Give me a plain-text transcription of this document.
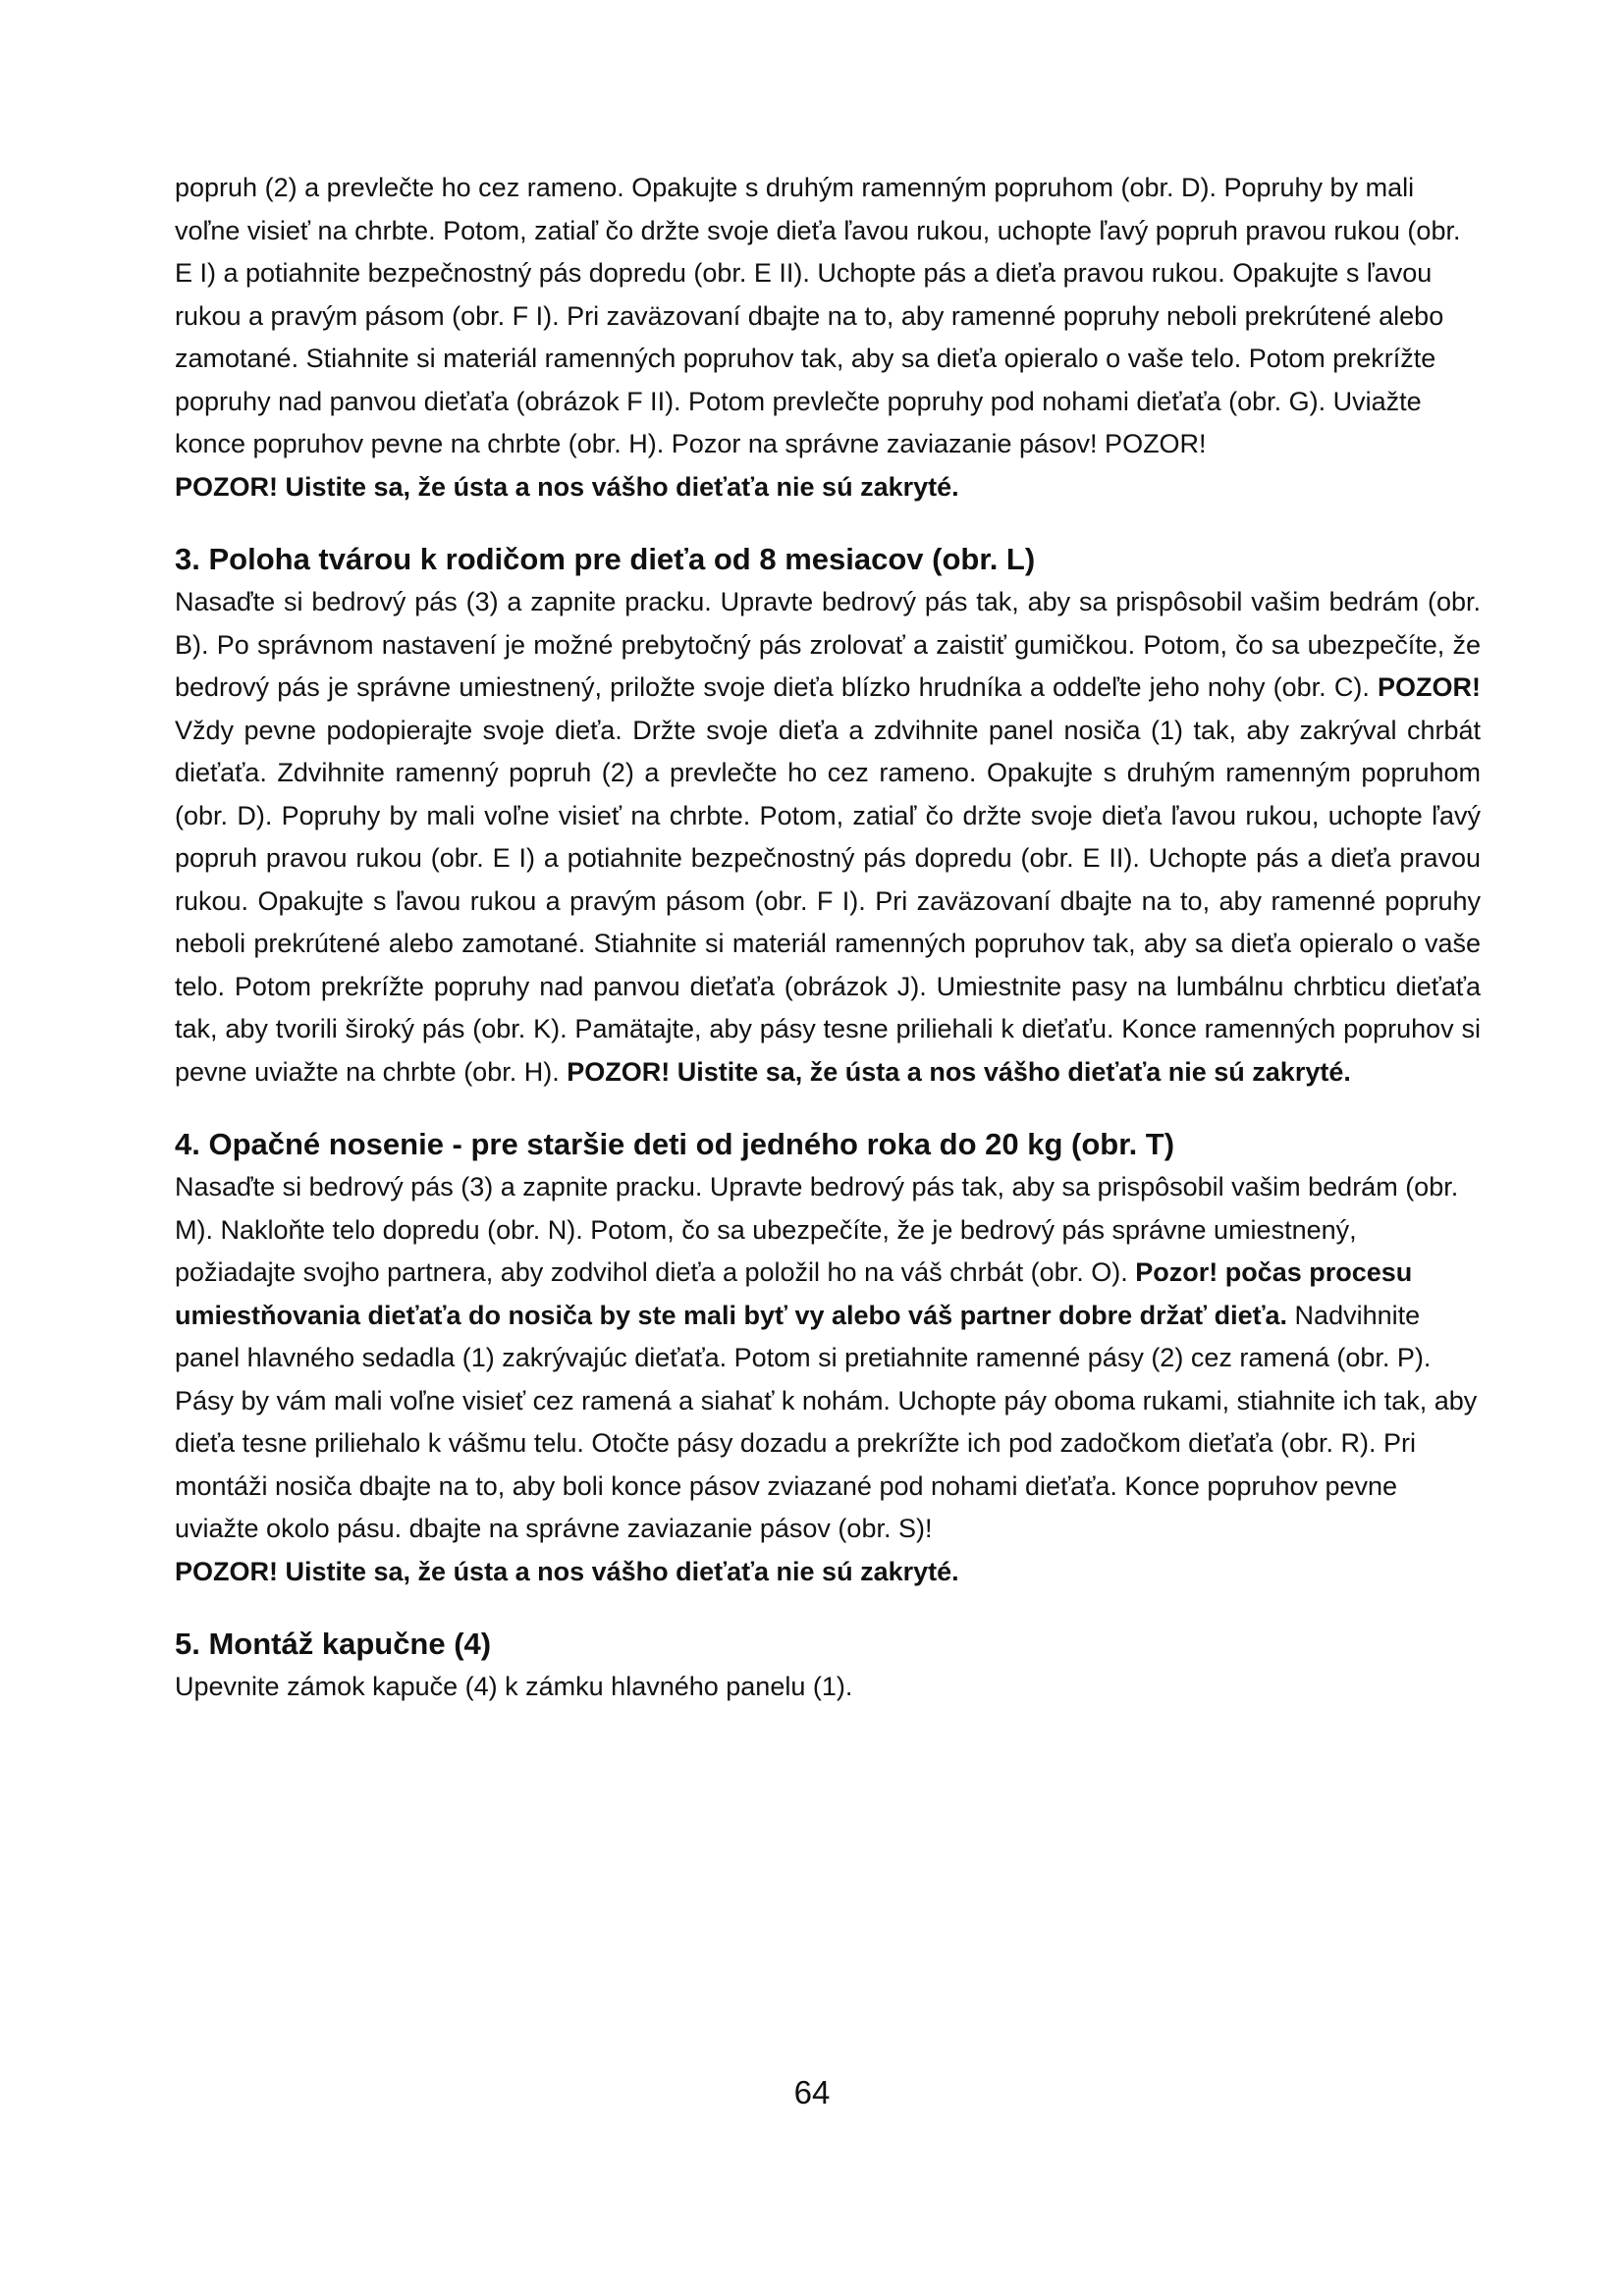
popruh (2) a prevlečte ho cez rameno. Opakujte s druhým ramenným popruhom (obr. D). Popruhy by mali voľne visieť na chrbte. Potom, zatiaľ čo držte svoje dieťa ľavou rukou, uchopte ľavý popruh pravou rukou (obr. E I) a potiahnite bezpečnostný pás dopredu (obr. E II). Uchopte pás a dieťa pravou rukou. Opakujte s ľavou rukou a pravým pásom (obr. F I). Pri zaväzovaní dbajte na to, aby ramenné popruhy neboli prekrútené alebo zamotané. Stiahnite si materiál ramenných popruhov tak, aby sa dieťa opieralo o vaše telo. Potom prekrížte popruhy nad panvou dieťaťa (obrázok F II). Potom prevlečte popruhy pod nohami dieťaťa (obr. G). Uviažte konce popruhov pevne na chrbte (obr. H). Pozor na správne zaviazanie pásov! POZOR!

POZOR! Uistite sa, že ústa a nos vášho dieťaťa nie sú zakryté.

3. Poloha tvárou k rodičom pre dieťa od 8 mesiacov (obr. L)

Nasaďte si bedrový pás (3) a zapnite pracku. Upravte bedrový pás tak, aby sa prispôsobil vašim bedrám (obr. B). Po správnom nastavení je možné prebytočný pás zrolovať a zaistiť gumičkou. Potom, čo sa ubezpečíte, že bedrový pás je správne umiestnený, priložte svoje dieťa blízko hrudníka a oddeľte jeho nohy (obr. C). POZOR! Vždy pevne podopierajte svoje dieťa. Držte svoje dieťa a zdvihnite panel nosiča (1) tak, aby zakrýval chrbát dieťaťa. Zdvihnite ramenný popruh (2) a prevlečte ho cez rameno. Opakujte s druhým ramenným popruhom (obr. D). Popruhy by mali voľne visieť na chrbte. Potom, zatiaľ čo držte svoje dieťa ľavou rukou, uchopte ľavý popruh pravou rukou (obr. E I) a potiahnite bezpečnostný pás dopredu (obr. E II). Uchopte pás a dieťa pravou rukou. Opakujte s ľavou rukou a pravým pásom (obr. F I). Pri zaväzovaní dbajte na to, aby ramenné popruhy neboli prekrútené alebo zamotané. Stiahnite si materiál ramenných popruhov tak, aby sa dieťa opieralo o vaše telo. Potom prekrížte popruhy nad panvou dieťaťa (obrázok J). Umiestnite pasy na lumbálnu chrbticu dieťaťa tak, aby tvorili široký pás (obr. K). Pamätajte, aby pásy tesne priliehali k dieťaťu. Konce ramenných popruhov si pevne uviažte na chrbte (obr. H). POZOR! Uistite sa, že ústa a nos vášho dieťaťa nie sú zakryté.

4. Opačné nosenie - pre staršie deti od jedného roka do 20 kg (obr. T)

Nasaďte si bedrový pás (3) a zapnite pracku. Upravte bedrový pás tak, aby sa prispôsobil vašim bedrám (obr. M). Nakloňte telo dopredu (obr. N). Potom, čo sa ubezpečíte, že je bedrový pás správne umiestnený, požiadajte svojho partnera, aby zodvihol dieťa a položil ho na váš chrbát (obr. O). Pozor! počas procesu umiestňovania dieťaťa do nosiča by ste mali byť vy alebo váš partner dobre držať dieťa. Nadvihnite panel hlavného sedadla (1) zakrývajúc dieťaťa. Potom si pretiahnite ramenné pásy (2) cez ramená (obr. P). Pásy by vám mali voľne visieť cez ramená a siahať k nohám. Uchopte páy oboma rukami, stiahnite ich tak, aby dieťa tesne priliehalo k vášmu telu. Otočte pásy dozadu a prekrížte ich pod zadočkom dieťaťa (obr. R). Pri montáži nosiča dbajte na to, aby boli konce pásov zviazané pod nohami dieťaťa. Konce popruhov pevne uviažte okolo pásu. dbajte na správne zaviazanie pásov (obr. S)!

POZOR! Uistite sa, že ústa a nos vášho dieťaťa nie sú zakryté.

5. Montáž kapučne (4)

Upevnite zámok kapuče (4) k zámku hlavného panelu (1).

64
